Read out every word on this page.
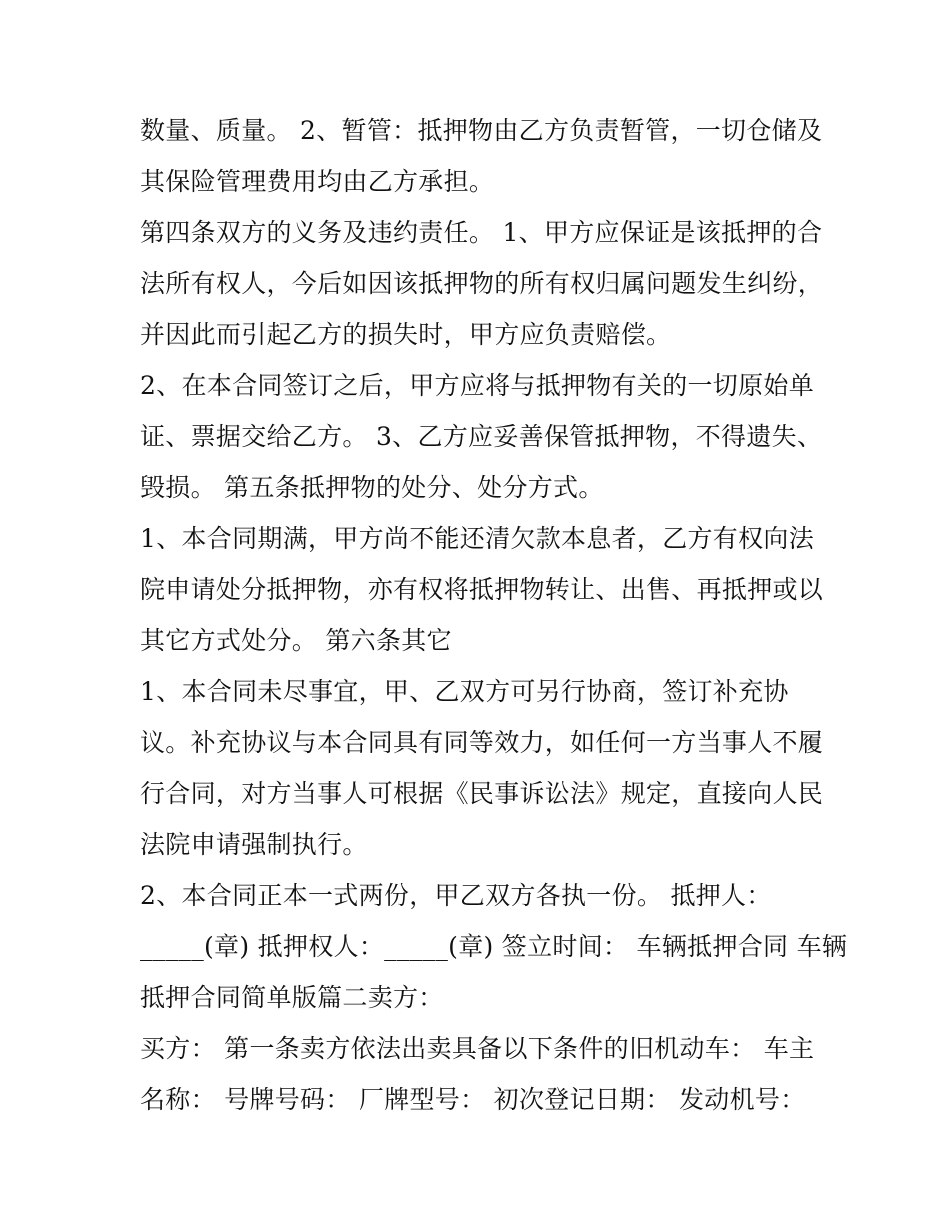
数量、质量。 2、暂管：抵押物由乙方负责暂管，一切仓储及
其保险管理费用均由乙方承担。
第四条双方的义务及违约责任。 1、甲方应保证是该抵押的合
法所有权人，今后如因该抵押物的所有权归属问题发生纠纷，
并因此而引起乙方的损失时，甲方应负责赔偿。
2、在本合同签订之后，甲方应将与抵押物有关的一切原始单
证、票据交给乙方。 3、乙方应妥善保管抵押物，不得遗失、
毁损。 第五条抵押物的处分、处分方式。
1、本合同期满，甲方尚不能还清欠款本息者，乙方有权向法
院申请处分抵押物，亦有权将抵押物转让、出售、再抵押或以
其它方式处分。 第六条其它
1、本合同未尽事宜，甲、乙双方可另行协商，签订补充协
议。补充协议与本合同具有同等效力，如任何一方当事人不履
行合同，对方当事人可根据《民事诉讼法》规定，直接向人民
法院申请强制执行。
2、本合同正本一式两份，甲乙双方各执一份。 抵押人：
_____(章) 抵押权人：_____(章) 签立时间： 车辆抵押合同 车辆
抵押合同简单版篇二卖方：
买方： 第一条卖方依法出卖具备以下条件的旧机动车： 车主
名称： 号牌号码： 厂牌型号： 初次登记日期： 发动机号：
